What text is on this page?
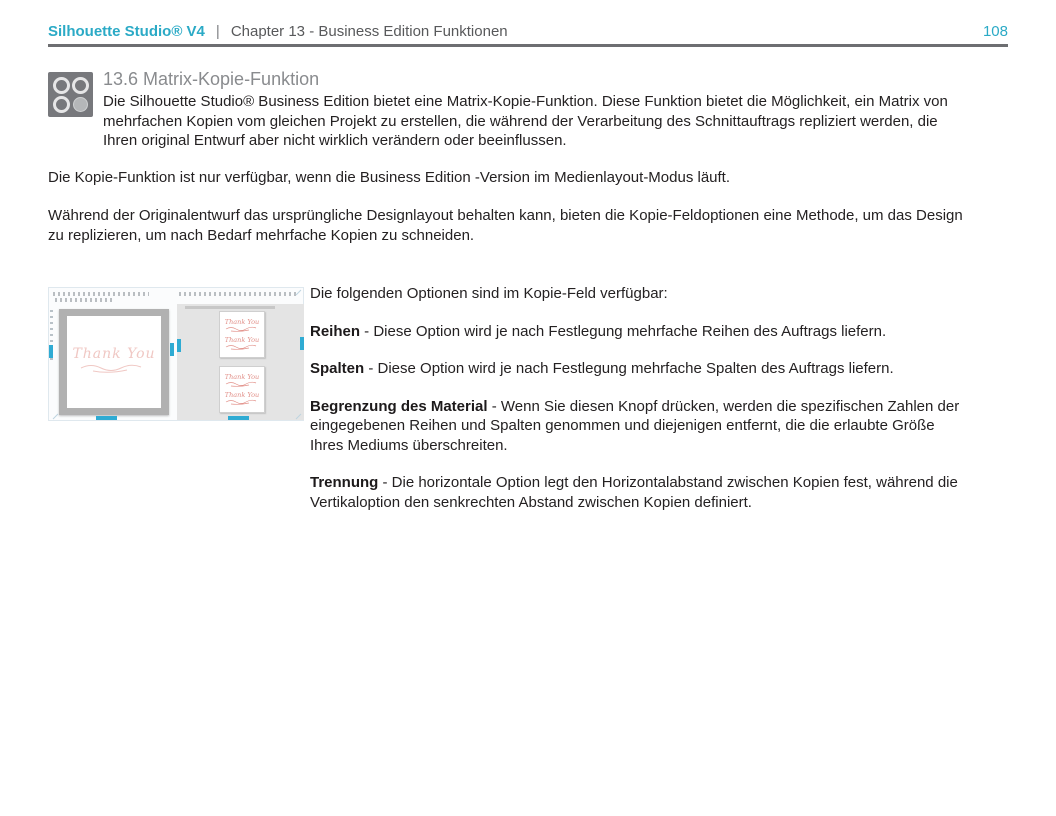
Silhouette Studio® V4 | Chapter 13 - Business Edition Funktionen	108
13.6 Matrix-Kopie-Funktion
Die Silhouette Studio® Business Edition bietet eine Matrix-Kopie-Funktion. Diese Funktion bietet die Möglichkeit, ein Matrix von mehrfachen Kopien vom gleichen Projekt zu erstellen, die während der Verarbeitung des Schnittauftrags repliziert werden, die Ihren original Entwurf aber nicht wirklich verändern oder beeinflussen.
Die Kopie-Funktion ist nur verfügbar, wenn die Business Edition -Version im Medienlayout-Modus läuft.
Während der Originalentwurf das ursprüngliche Designlayout behalten kann, bieten die Kopie-Feldoptionen eine Methode, um das Design zu replizieren, um nach Bedarf mehrfache Kopien zu schneiden.
Thank You
Thank You
Thank You
Thank You
Thank You

Die folgenden Optionen sind im Kopie-Feld verfügbar:

Reihen - Diese Option wird je nach Festlegung mehrfache Reihen des Auftrags liefern.

Spalten - Diese Option wird je nach Festlegung mehrfache Spalten des Auftrags liefern.

Begrenzung des Material - Wenn Sie diesen Knopf drücken, werden die spezifischen Zahlen der eingegebenen Reihen und Spalten genommen und diejenigen entfernt, die die erlaubte Größe Ihres Mediums überschreiten.

Trennung - Die horizontale Option legt den Horizontalabstand zwischen Kopien fest, während die Vertikaloption den senkrechten Abstand zwischen Kopien definiert.
